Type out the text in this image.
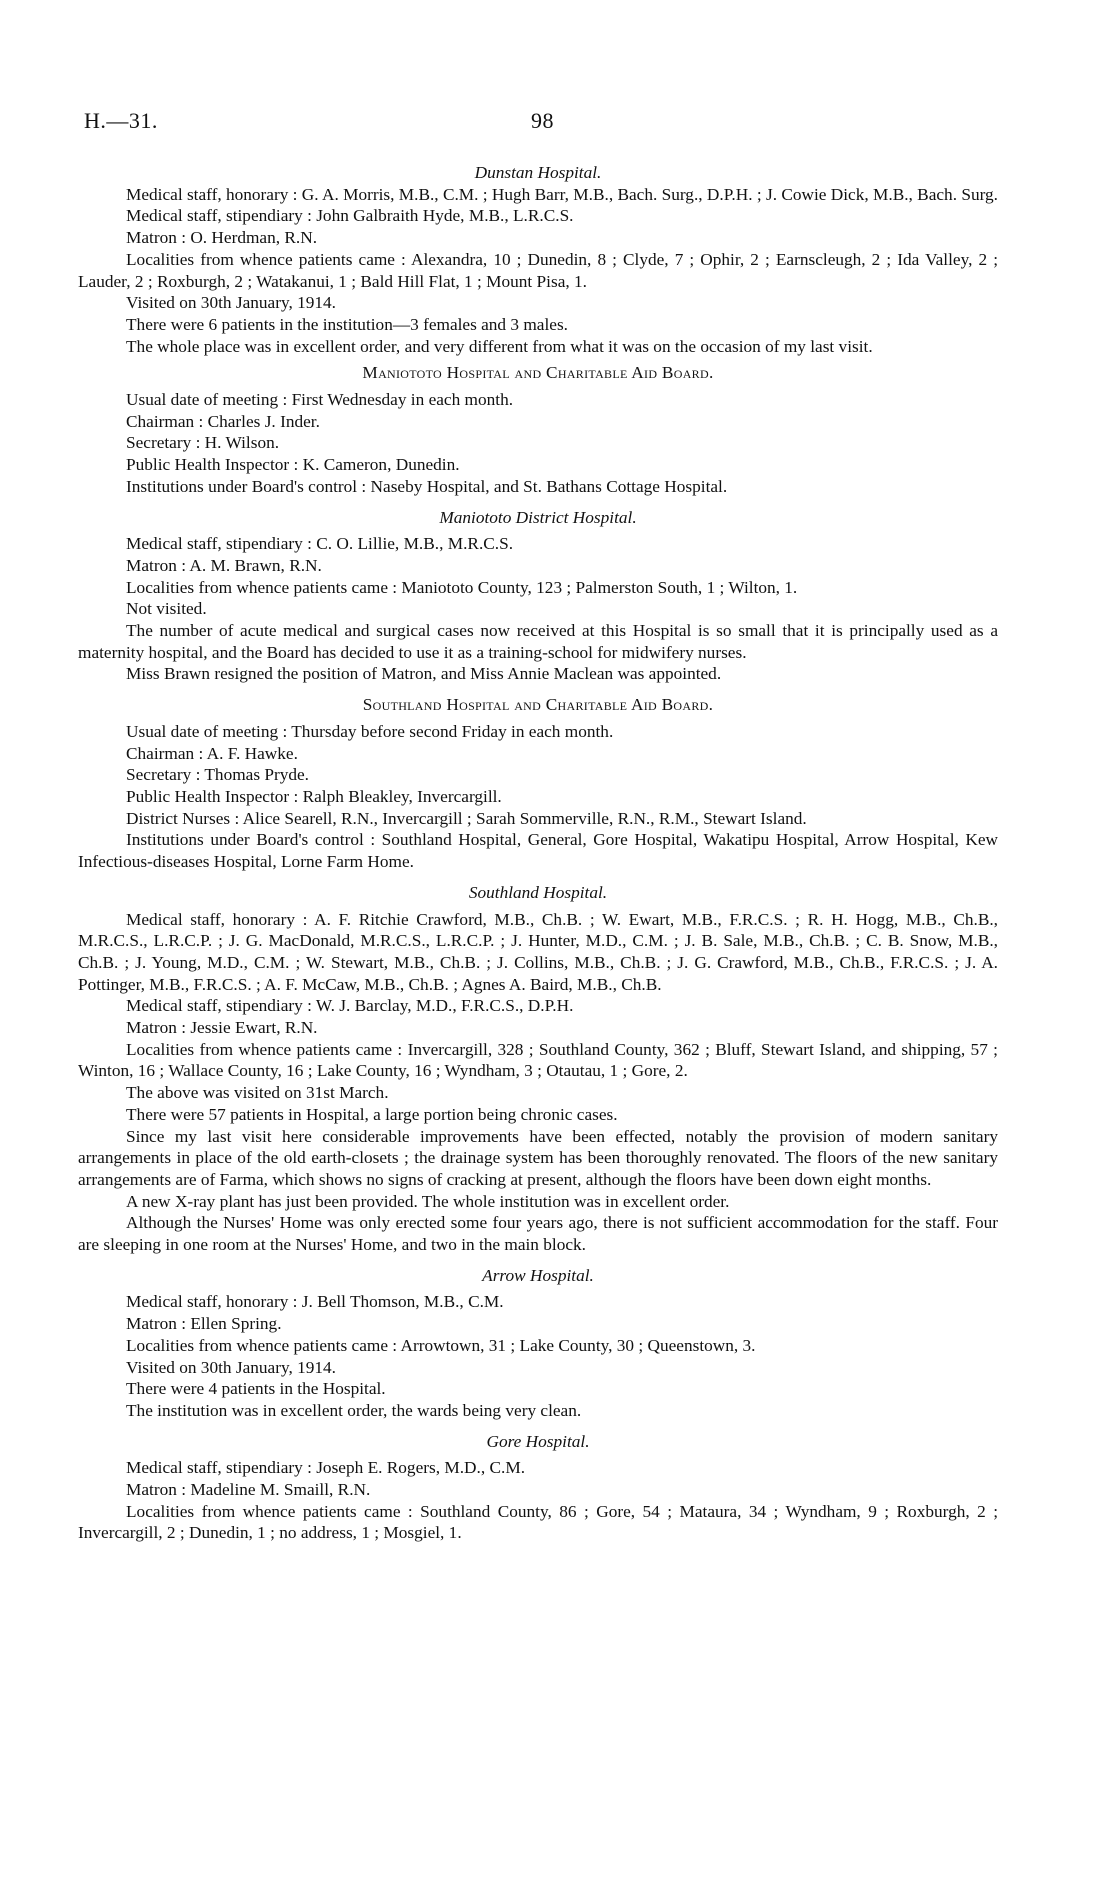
H.—31.	98

Dunstan Hospital.

Medical staff, honorary : G. A. Morris, M.B., C.M. ; Hugh Barr, M.B., Bach. Surg., D.P.H. ; J. Cowie Dick, M.B., Bach. Surg.

Medical staff, stipendiary : John Galbraith Hyde, M.B., L.R.C.S.

Matron : O. Herdman, R.N.

Localities from whence patients came : Alexandra, 10 ; Dunedin, 8 ; Clyde, 7 ; Ophir, 2 ; Earnscleugh, 2 ; Ida Valley, 2 ; Lauder, 2 ; Roxburgh, 2 ; Watakanui, 1 ; Bald Hill Flat, 1 ; Mount Pisa, 1.

Visited on 30th January, 1914.

There were 6 patients in the institution—3 females and 3 males.

The whole place was in excellent order, and very different from what it was on the occasion of my last visit.

Maniototo Hospital and Charitable Aid Board.

Usual date of meeting : First Wednesday in each month.

Chairman : Charles J. Inder.

Secretary : H. Wilson.

Public Health Inspector : K. Cameron, Dunedin.

Institutions under Board's control : Naseby Hospital, and St. Bathans Cottage Hospital.

Maniototo District Hospital.

Medical staff, stipendiary : C. O. Lillie, M.B., M.R.C.S.

Matron : A. M. Brawn, R.N.

Localities from whence patients came : Maniototo County, 123 ; Palmerston South, 1 ; Wilton, 1.

Not visited.

The number of acute medical and surgical cases now received at this Hospital is so small that it is principally used as a maternity hospital, and the Board has decided to use it as a training-school for midwifery nurses.

Miss Brawn resigned the position of Matron, and Miss Annie Maclean was appointed.

Southland Hospital and Charitable Aid Board.

Usual date of meeting : Thursday before second Friday in each month.

Chairman : A. F. Hawke.

Secretary : Thomas Pryde.

Public Health Inspector : Ralph Bleakley, Invercargill.

District Nurses : Alice Searell, R.N., Invercargill ; Sarah Sommerville, R.N., R.M., Stewart Island.

Institutions under Board's control : Southland Hospital, General, Gore Hospital, Wakatipu Hospital, Arrow Hospital, Kew Infectious-diseases Hospital, Lorne Farm Home.

Southland Hospital.

Medical staff, honorary : A. F. Ritchie Crawford, M.B., Ch.B. ; W. Ewart, M.B., F.R.C.S. ; R. H. Hogg, M.B., Ch.B., M.R.C.S., L.R.C.P. ; J. G. MacDonald, M.R.C.S., L.R.C.P. ; J. Hunter, M.D., C.M. ; J. B. Sale, M.B., Ch.B. ; C. B. Snow, M.B., Ch.B. ; J. Young, M.D., C.M. ; W. Stewart, M.B., Ch.B. ; J. Collins, M.B., Ch.B. ; J. G. Crawford, M.B., Ch.B., F.R.C.S. ; J. A. Pottinger, M.B., F.R.C.S. ; A. F. McCaw, M.B., Ch.B. ; Agnes A. Baird, M.B., Ch.B.

Medical staff, stipendiary : W. J. Barclay, M.D., F.R.C.S., D.P.H.

Matron : Jessie Ewart, R.N.

Localities from whence patients came : Invercargill, 328 ; Southland County, 362 ; Bluff, Stewart Island, and shipping, 57 ; Winton, 16 ; Wallace County, 16 ; Lake County, 16 ; Wyndham, 3 ; Otautau, 1 ; Gore, 2.

The above was visited on 31st March.

There were 57 patients in Hospital, a large portion being chronic cases.

Since my last visit here considerable improvements have been effected, notably the provision of modern sanitary arrangements in place of the old earth-closets ; the drainage system has been thoroughly renovated. The floors of the new sanitary arrangements are of Farma, which shows no signs of cracking at present, although the floors have been down eight months.

A new X-ray plant has just been provided. The whole institution was in excellent order.

Although the Nurses' Home was only erected some four years ago, there is not sufficient accommodation for the staff. Four are sleeping in one room at the Nurses' Home, and two in the main block.

Arrow Hospital.

Medical staff, honorary : J. Bell Thomson, M.B., C.M.

Matron : Ellen Spring.

Localities from whence patients came : Arrowtown, 31 ; Lake County, 30 ; Queenstown, 3.

Visited on 30th January, 1914.

There were 4 patients in the Hospital.

The institution was in excellent order, the wards being very clean.

Gore Hospital.

Medical staff, stipendiary : Joseph E. Rogers, M.D., C.M.

Matron : Madeline M. Smaill, R.N.

Localities from whence patients came : Southland County, 86 ; Gore, 54 ; Mataura, 34 ; Wyndham, 9 ; Roxburgh, 2 ; Invercargill, 2 ; Dunedin, 1 ; no address, 1 ; Mosgiel, 1.
